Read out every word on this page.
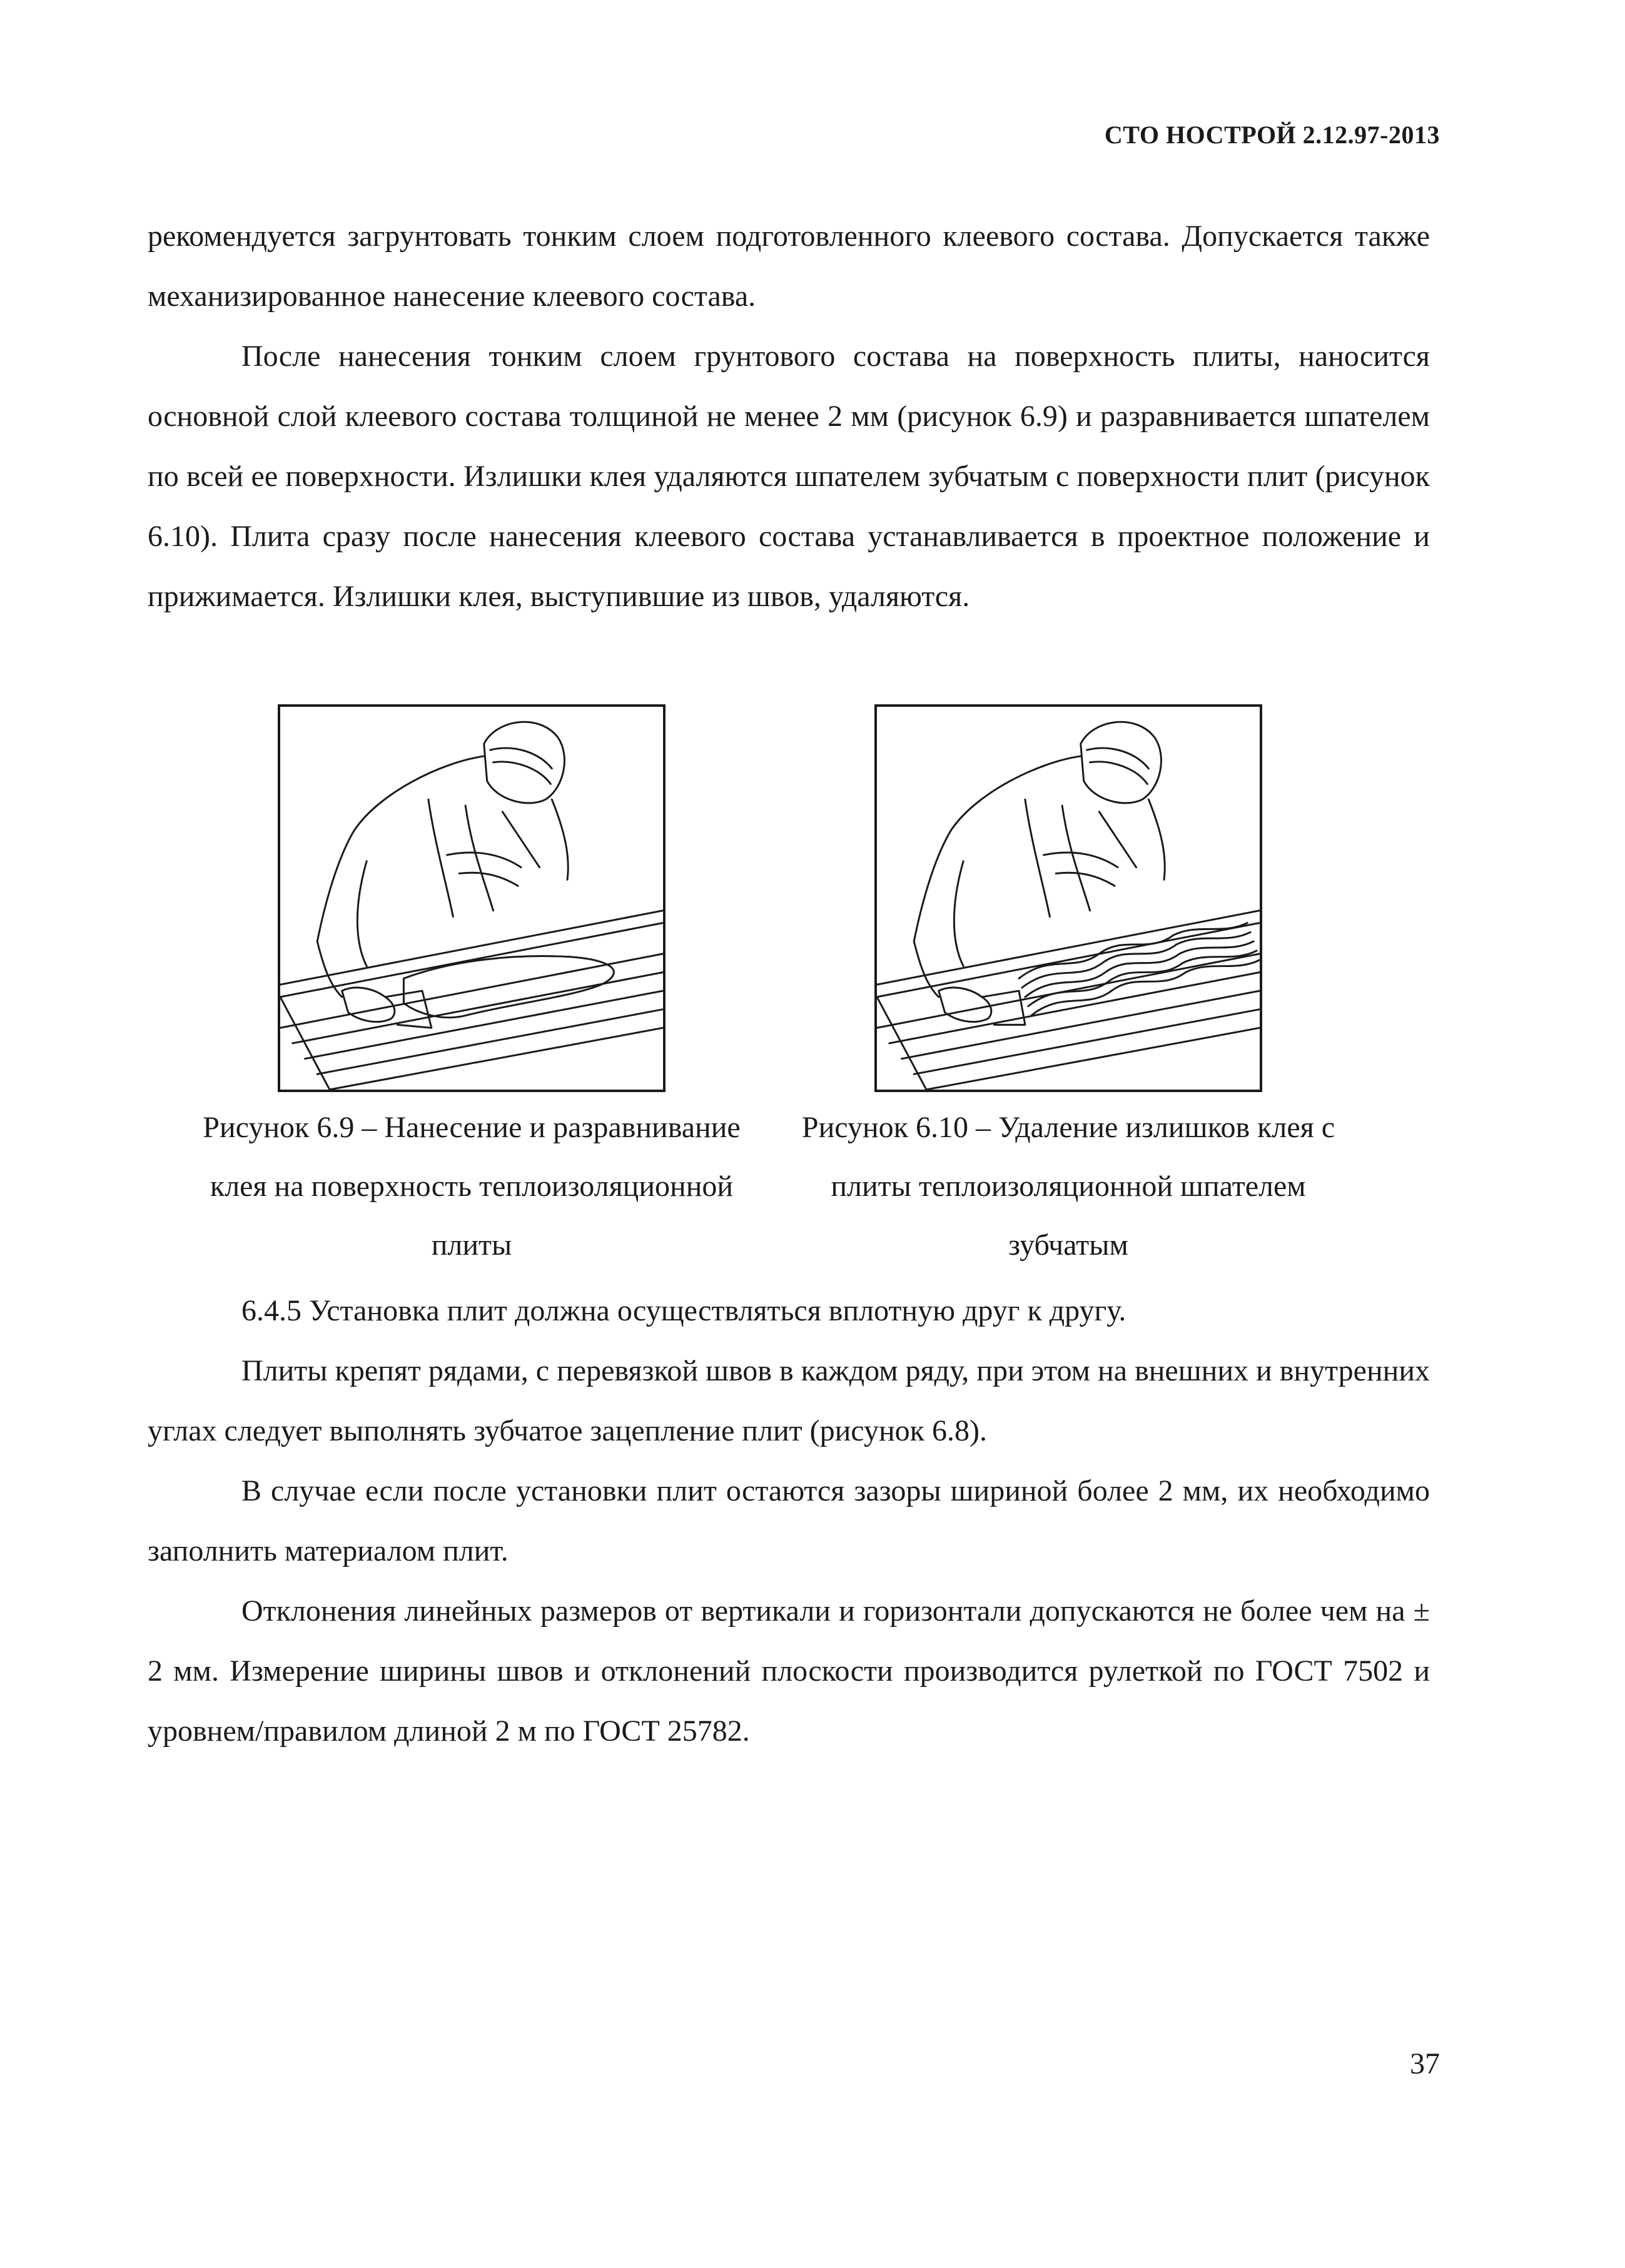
СТО НОСТРОЙ 2.12.97-2013

рекомендуется загрунтовать тонким слоем подготовленного клеевого состава. Допускается также механизированное нанесение клеевого состава.

После нанесения тонким слоем грунтового состава на поверхность плиты, наносится основной слой клеевого состава толщиной не менее 2 мм (рисунок 6.9) и разравнивается шпателем по всей ее поверхности. Излишки клея удаляются шпателем зубчатым с поверхности плит (рисунок 6.10). Плита сразу после нанесения клеевого состава устанавливается в проектное положение и прижимается. Излишки клея, выступившие из швов, удаляются.

Рисунок 6.9 – Нанесение и разравнивание клея на поверхность теплоизоляционной плиты

Рисунок 6.10 – Удаление излишков клея с плиты теплоизоляционной шпателем зубчатым

6.4.5 Установка плит должна осуществляться вплотную друг к другу.

Плиты крепят рядами, с перевязкой швов в каждом ряду, при этом на внешних и внутренних углах следует выполнять зубчатое зацепление плит (рисунок 6.8).

В случае если после установки плит остаются зазоры шириной более 2 мм, их необходимо заполнить материалом плит.

Отклонения линейных размеров от вертикали и горизонтали допускаются не более чем на ± 2 мм. Измерение ширины швов и отклонений плоскости производится рулеткой по ГОСТ 7502 и уровнем/правилом длиной 2 м по ГОСТ 25782.

37
